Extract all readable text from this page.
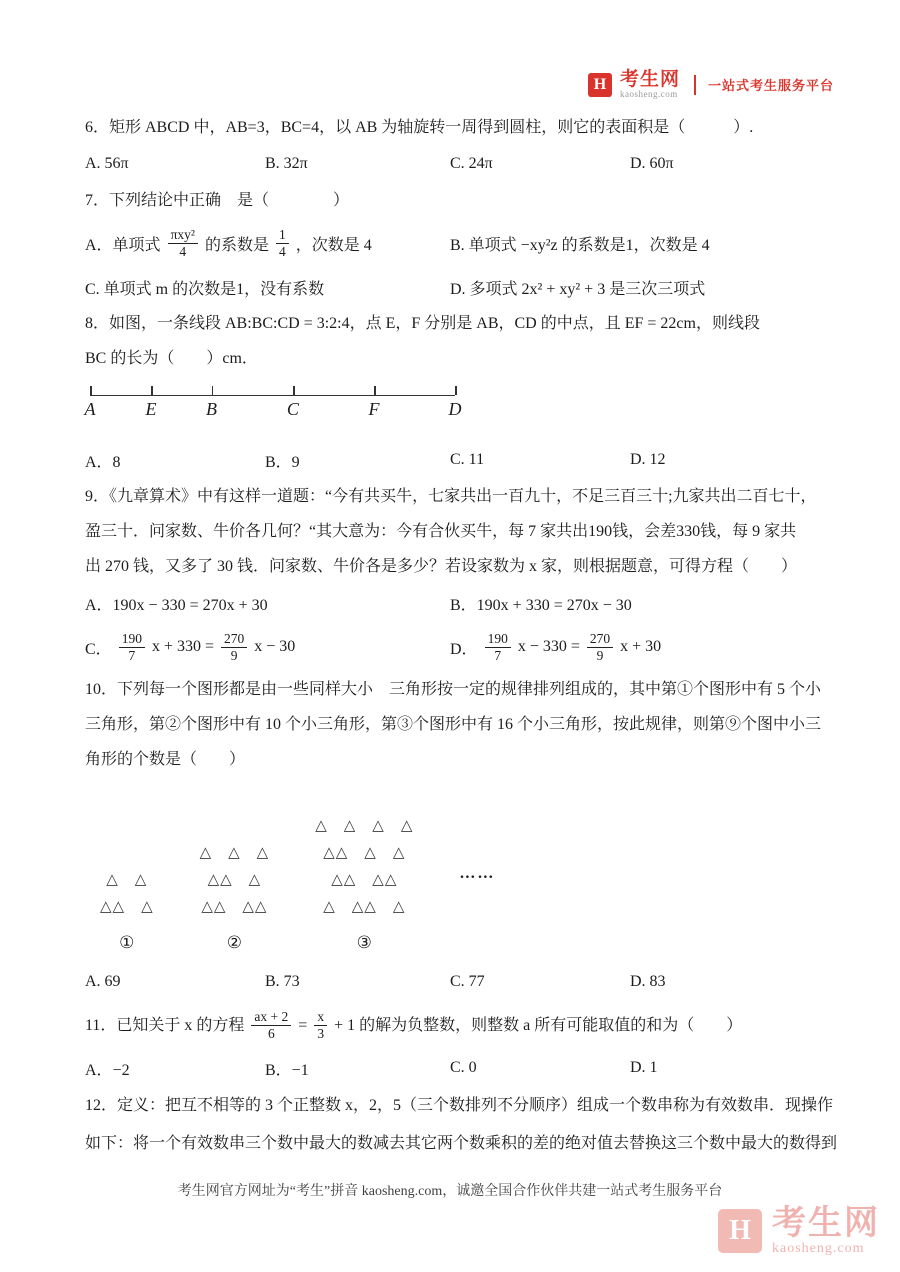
H 考生网
kaosheng.com
一站式考生服务平台

6．矩形 ABCD 中，AB=3，BC=4，以 AB 为轴旋转一周得到圆柱，则它的表面积是（　　　）.

A. 56π	B. 32π	C. 24π	D. 60π

7．下列结论中正确　是（　　　　）

A．单项式 $\frac{\text{πxy²}}{4}$ 的系数是 $\frac{1}{4}$ ，次数是 4	B. 单项式 −xy²z 的系数是1，次数是 4
C. 单项式 m 的次数是1，没有系数	D. 多项式 2x² + xy² + 3 是三次三项式

8．如图，一条线段 AB:BC:CD = 3:2:4，点 E，F 分别是 AB，CD 的中点，且 EF = 22cm，则线段

BC 的长为（　　）cm．

A	E	B	C	F	D
A．8	B．9	C. 11	D. 12

9．《九章算术》中有这样一道题：“今有共买牛，七家共出一百九十，不足三百三十;九家共出二百七十，

盈三十．问家数、牛价各几何？“其大意为：今有合伙买牛，每 7 家共出190钱，会差330钱，每 9 家共

出 270 钱，又多了 30 钱．问家数、牛价各是多少？若设家数为 x 家，则根据题意，可得方程（　　）

A．190x − 330 = 270x + 30	B．190x + 330 = 270x − 30
C． $\frac{190}{7}$ $x + 330 = \frac{270}{9}$ x − 30	D． $\frac{190}{7}$ $x - 330 = \frac{270}{9}$ x + 30

10．下列每一个图形都是由一些同样大小　三角形按一定的规律排列组成的，其中第①个图形中有 5 个小

三角形，第②个图形中有 10 个小三角形，第③个图形中有 16 个小三角形，按此规律，则第⑨个图中小三

角形的个数是（　　）

△　△
△△　△
①
△　△　△
△△　△
△△　△△
②
△　△　△　△
△△　△　△
△△　△△
△　△△　△
③
……
A. 69	B. 73	C. 77	D. 83
11．已知关于 x 的方程 $\frac{ax + 2}{6} = \frac{x}{3} + 1$ 的解为负整数，则整数 a 所有可能取值的和为（　　）
A．−2	B．−1	C. 0	D. 1

12．定义：把互不相等的 3 个正整数 x，2，5（三个数排列不分顺序）组成一个数串称为有效数串．现操作

如下：将一个有效数串三个数中最大的数减去其它两个数乘积的差的绝对值去替换这三个数中最大的数得到

考生网官方网址为“考生”拼音 kaosheng.com，诚邀全国合作伙伴共建一站式考生服务平台
H 考生网
kaosheng.com
